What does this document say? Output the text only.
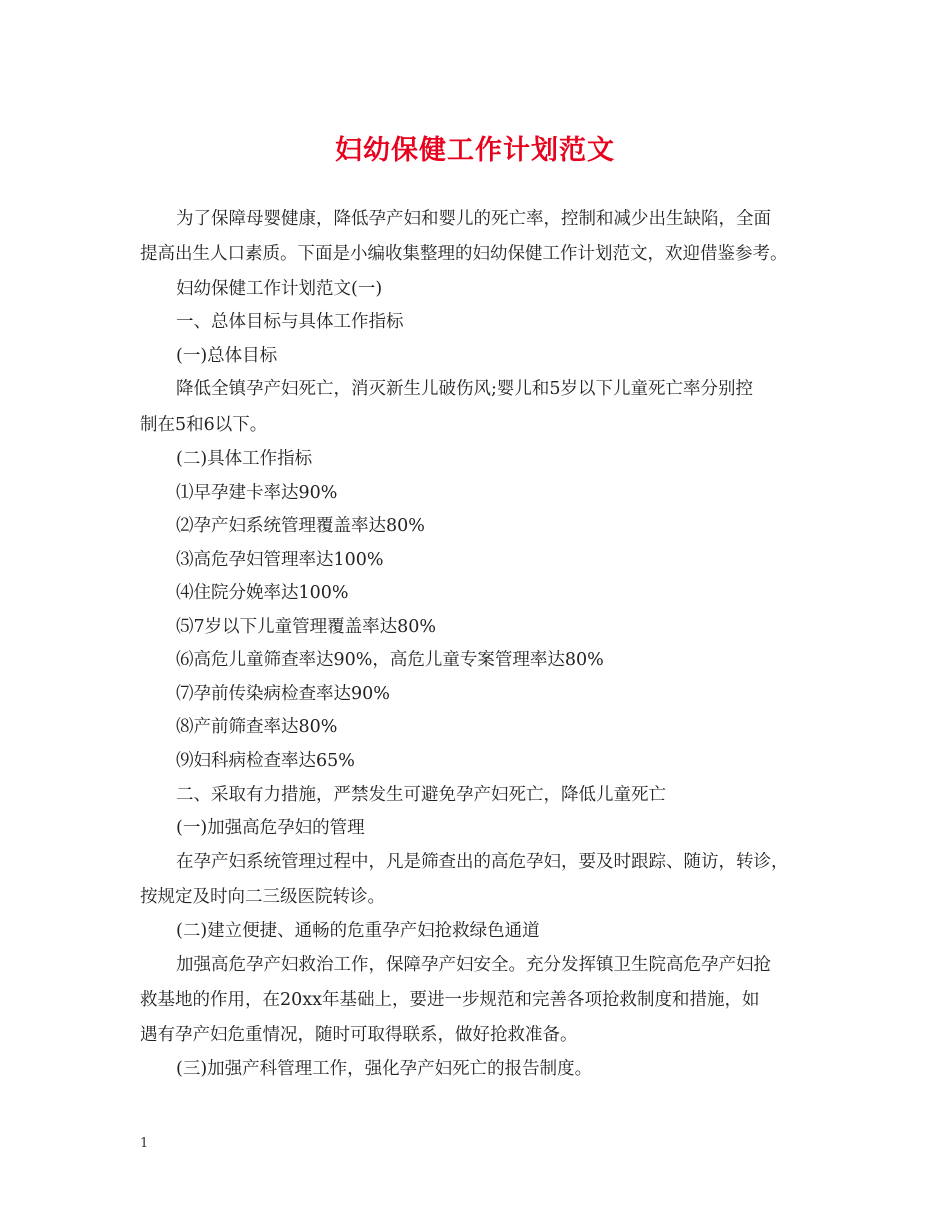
妇幼保健工作计划范文
为了保障母婴健康，降低孕产妇和婴儿的死亡率，控制和减少出生缺陷，全面
提高出生人口素质。下面是小编收集整理的妇幼保健工作计划范文，欢迎借鉴参考。
妇幼保健工作计划范文(一)
一、总体目标与具体工作指标
(一)总体目标
降低全镇孕产妇死亡，消灭新生儿破伤风;婴儿和5岁以下儿童死亡率分别控
制在5和6以下。
(二)具体工作指标
⑴早孕建卡率达90%
⑵孕产妇系统管理覆盖率达80%
⑶高危孕妇管理率达100%
⑷住院分娩率达100%
⑸7岁以下儿童管理覆盖率达80%
⑹高危儿童筛查率达90%，高危儿童专案管理率达80%
⑺孕前传染病检查率达90%
⑻产前筛查率达80%
⑼妇科病检查率达65%
二、采取有力措施，严禁发生可避免孕产妇死亡，降低儿童死亡
(一)加强高危孕妇的管理
在孕产妇系统管理过程中，凡是筛查出的高危孕妇，要及时跟踪、随访，转诊，
按规定及时向二三级医院转诊。
(二)建立便捷、通畅的危重孕产妇抢救绿色通道
加强高危孕产妇救治工作，保障孕产妇安全。充分发挥镇卫生院高危孕产妇抢
救基地的作用，在20xx年基础上，要进一步规范和完善各项抢救制度和措施，如
遇有孕产妇危重情况，随时可取得联系，做好抢救准备。
(三)加强产科管理工作，强化孕产妇死亡的报告制度。
1
